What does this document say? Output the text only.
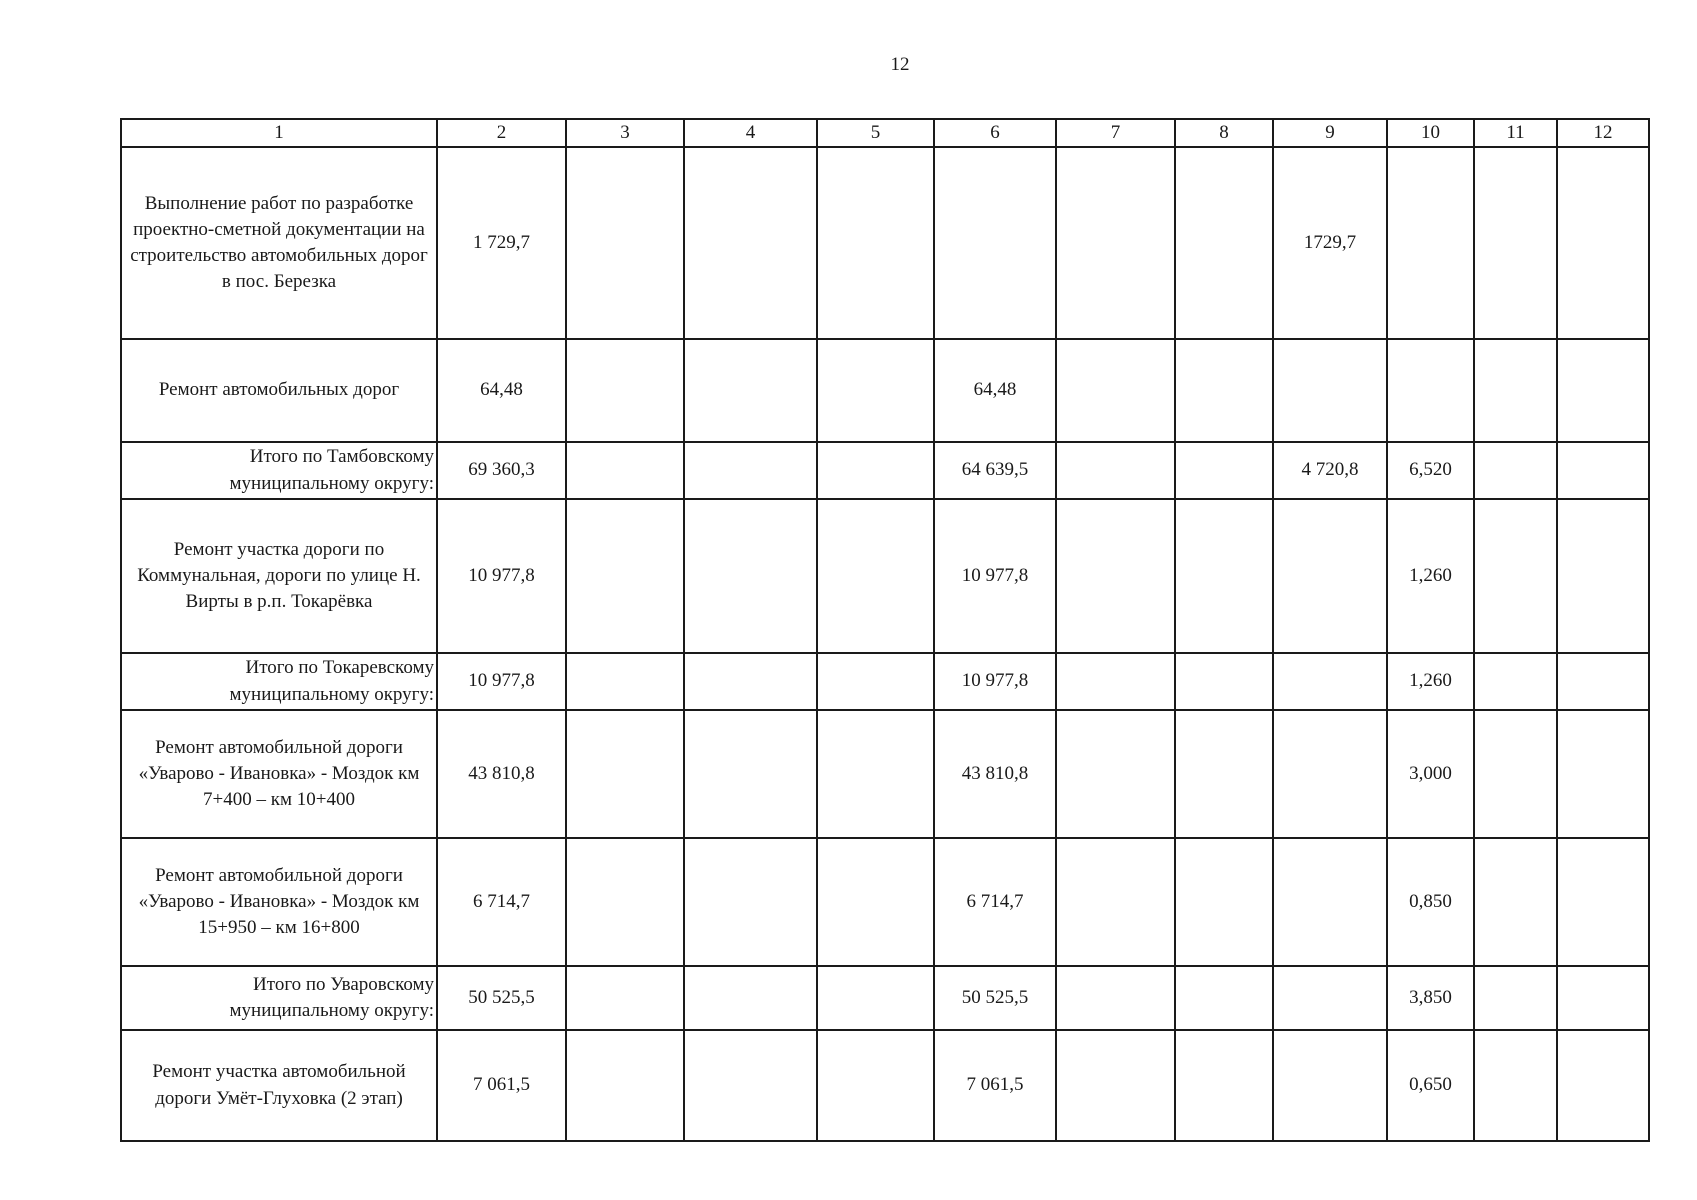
12
1	2	3	4	5	6	7	8	9	10	11	12
Выполнение работ по разработке проектно-сметной документации на строительство автомобильных дорог в пос. Березка	1 729,7							1729,7			
Ремонт автомобильных дорог	64,48				64,48						
Итого по Тамбовскому муниципальному округу:	69 360,3				64 639,5			4 720,8	6,520		
Ремонт участка дороги по Коммунальная, дороги по улице Н. Вирты в р.п. Токарёвка	10 977,8				10 977,8				1,260		
Итого по Токаревскому муниципальному округу:	10 977,8				10 977,8				1,260		
Ремонт автомобильной дороги «Уварово - Ивановка» - Моздок км 7+400 – км 10+400	43 810,8				43 810,8				3,000		
Ремонт автомобильной дороги «Уварово - Ивановка» - Моздок км 15+950 – км 16+800	6 714,7				6 714,7				0,850		
Итого по Уваровскому муниципальному округу:	50 525,5				50 525,5				3,850		
Ремонт участка автомобильной дороги Умёт-Глуховка (2 этап)	7 061,5				7 061,5				0,650		
